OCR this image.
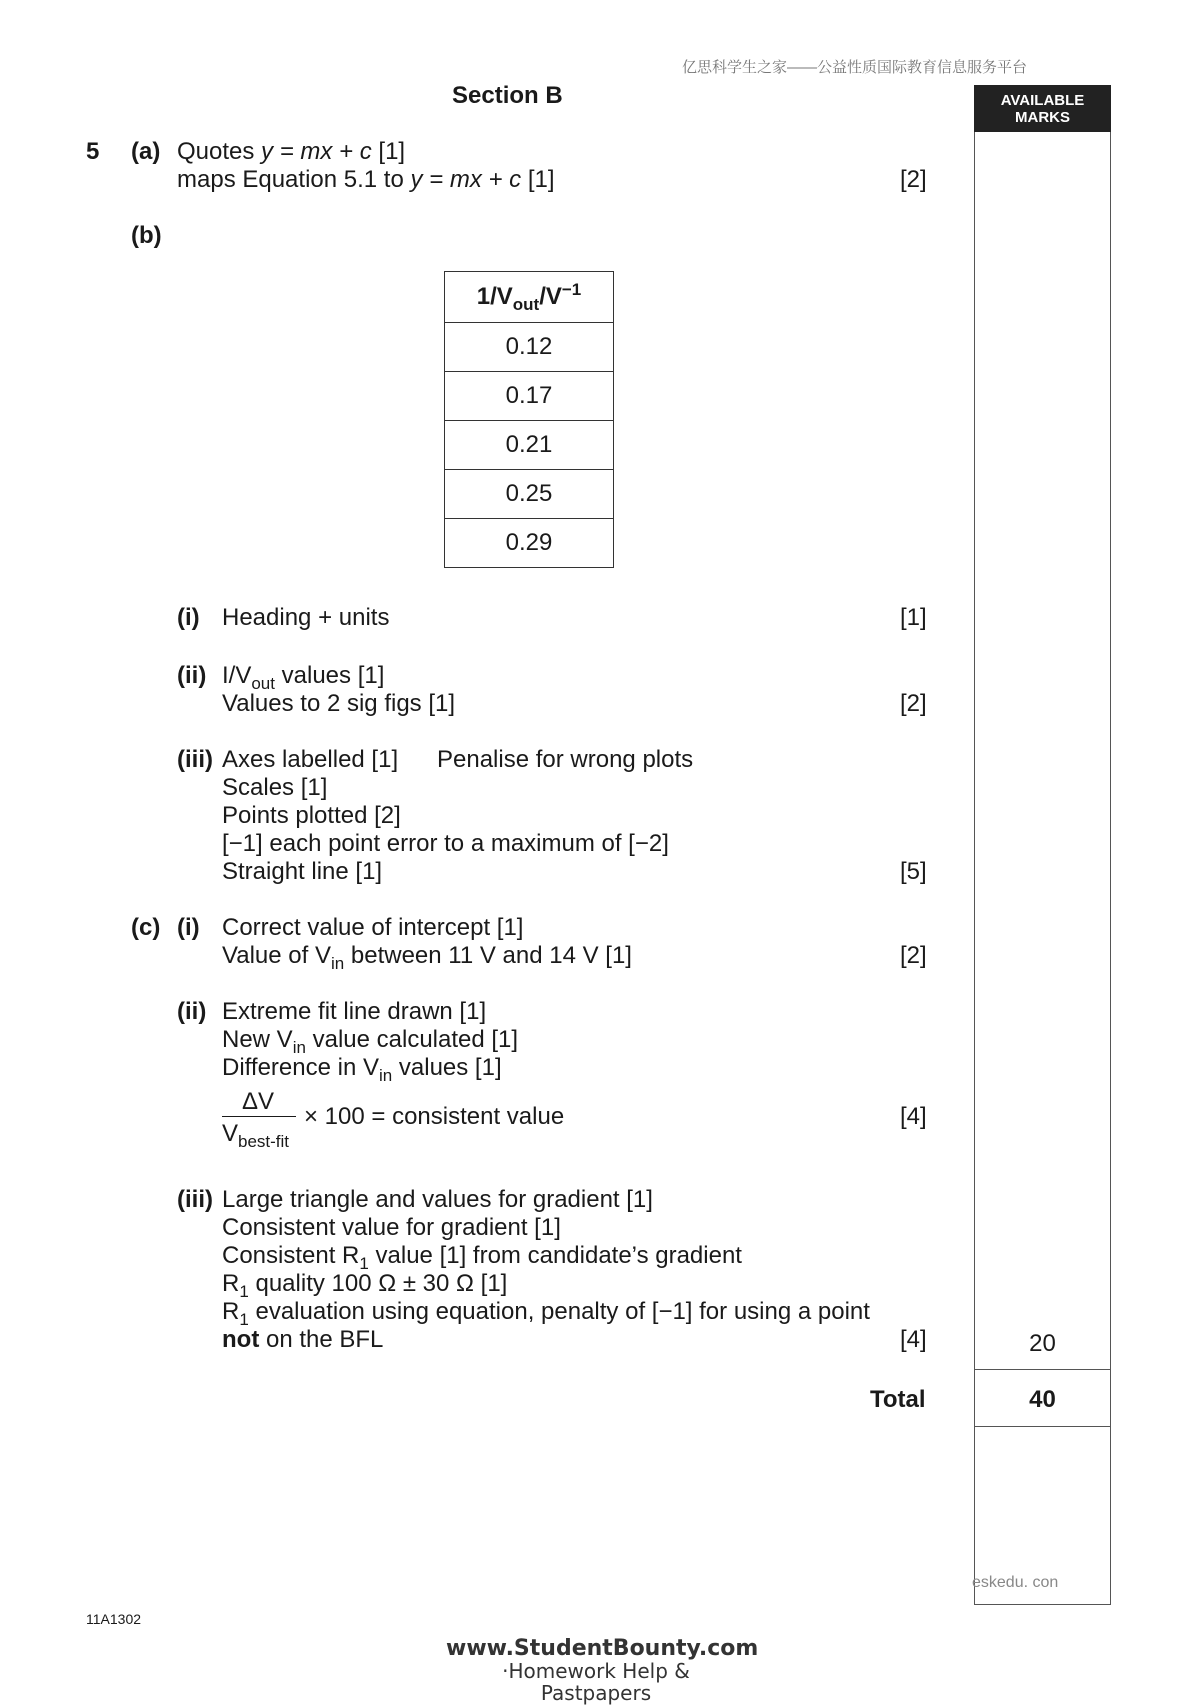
亿思科学生之家——公益性质国际教育信息服务平台
Section B	AVAILABLE
MARKS
20
40
5 (a) Quotes y = mx + c [1]
maps Equation 5.1 to y = mx + c [1]	[2]
(b)
$1/V_{out}/V^{-1}$
0.12
0.17
0.21
0.25
0.29
(i) Heading + units	[1]
(ii) $I/V_{out}$ values [1]
Values to 2 sig figs [1]	[2]
(iii) Axes labelled [1] Penalise for wrong plots
Scales [1]
Points plotted [2]
[−1] each point error to a maximum of [−2]
Straight line [1]	[5]
(c) (i) Correct value of intercept [1]
Value of $V_{in}$ between 11 V and 14 V [1]	[2]
(ii) Extreme fit line drawn [1]
New $V_{in}$ value calculated [1]
Difference in $V_{in}$ values [1]
ΔV
$V_{best-fit}$
× 100 = consistent value	[4]
(iii) Large triangle and values for gradient [1]
Consistent value for gradient [1]
Consistent $R_1$ value [1] from candidate’s gradient
$R_1$ quality 100 Ω ± 30 Ω [1]
$R_1$ evaluation using equation, penalty of [−1] for using a point
not on the BFL	[4]
Total
eskedu. con
11A1302
www.StudentBounty.com
·Homework Help & Pastpapers
